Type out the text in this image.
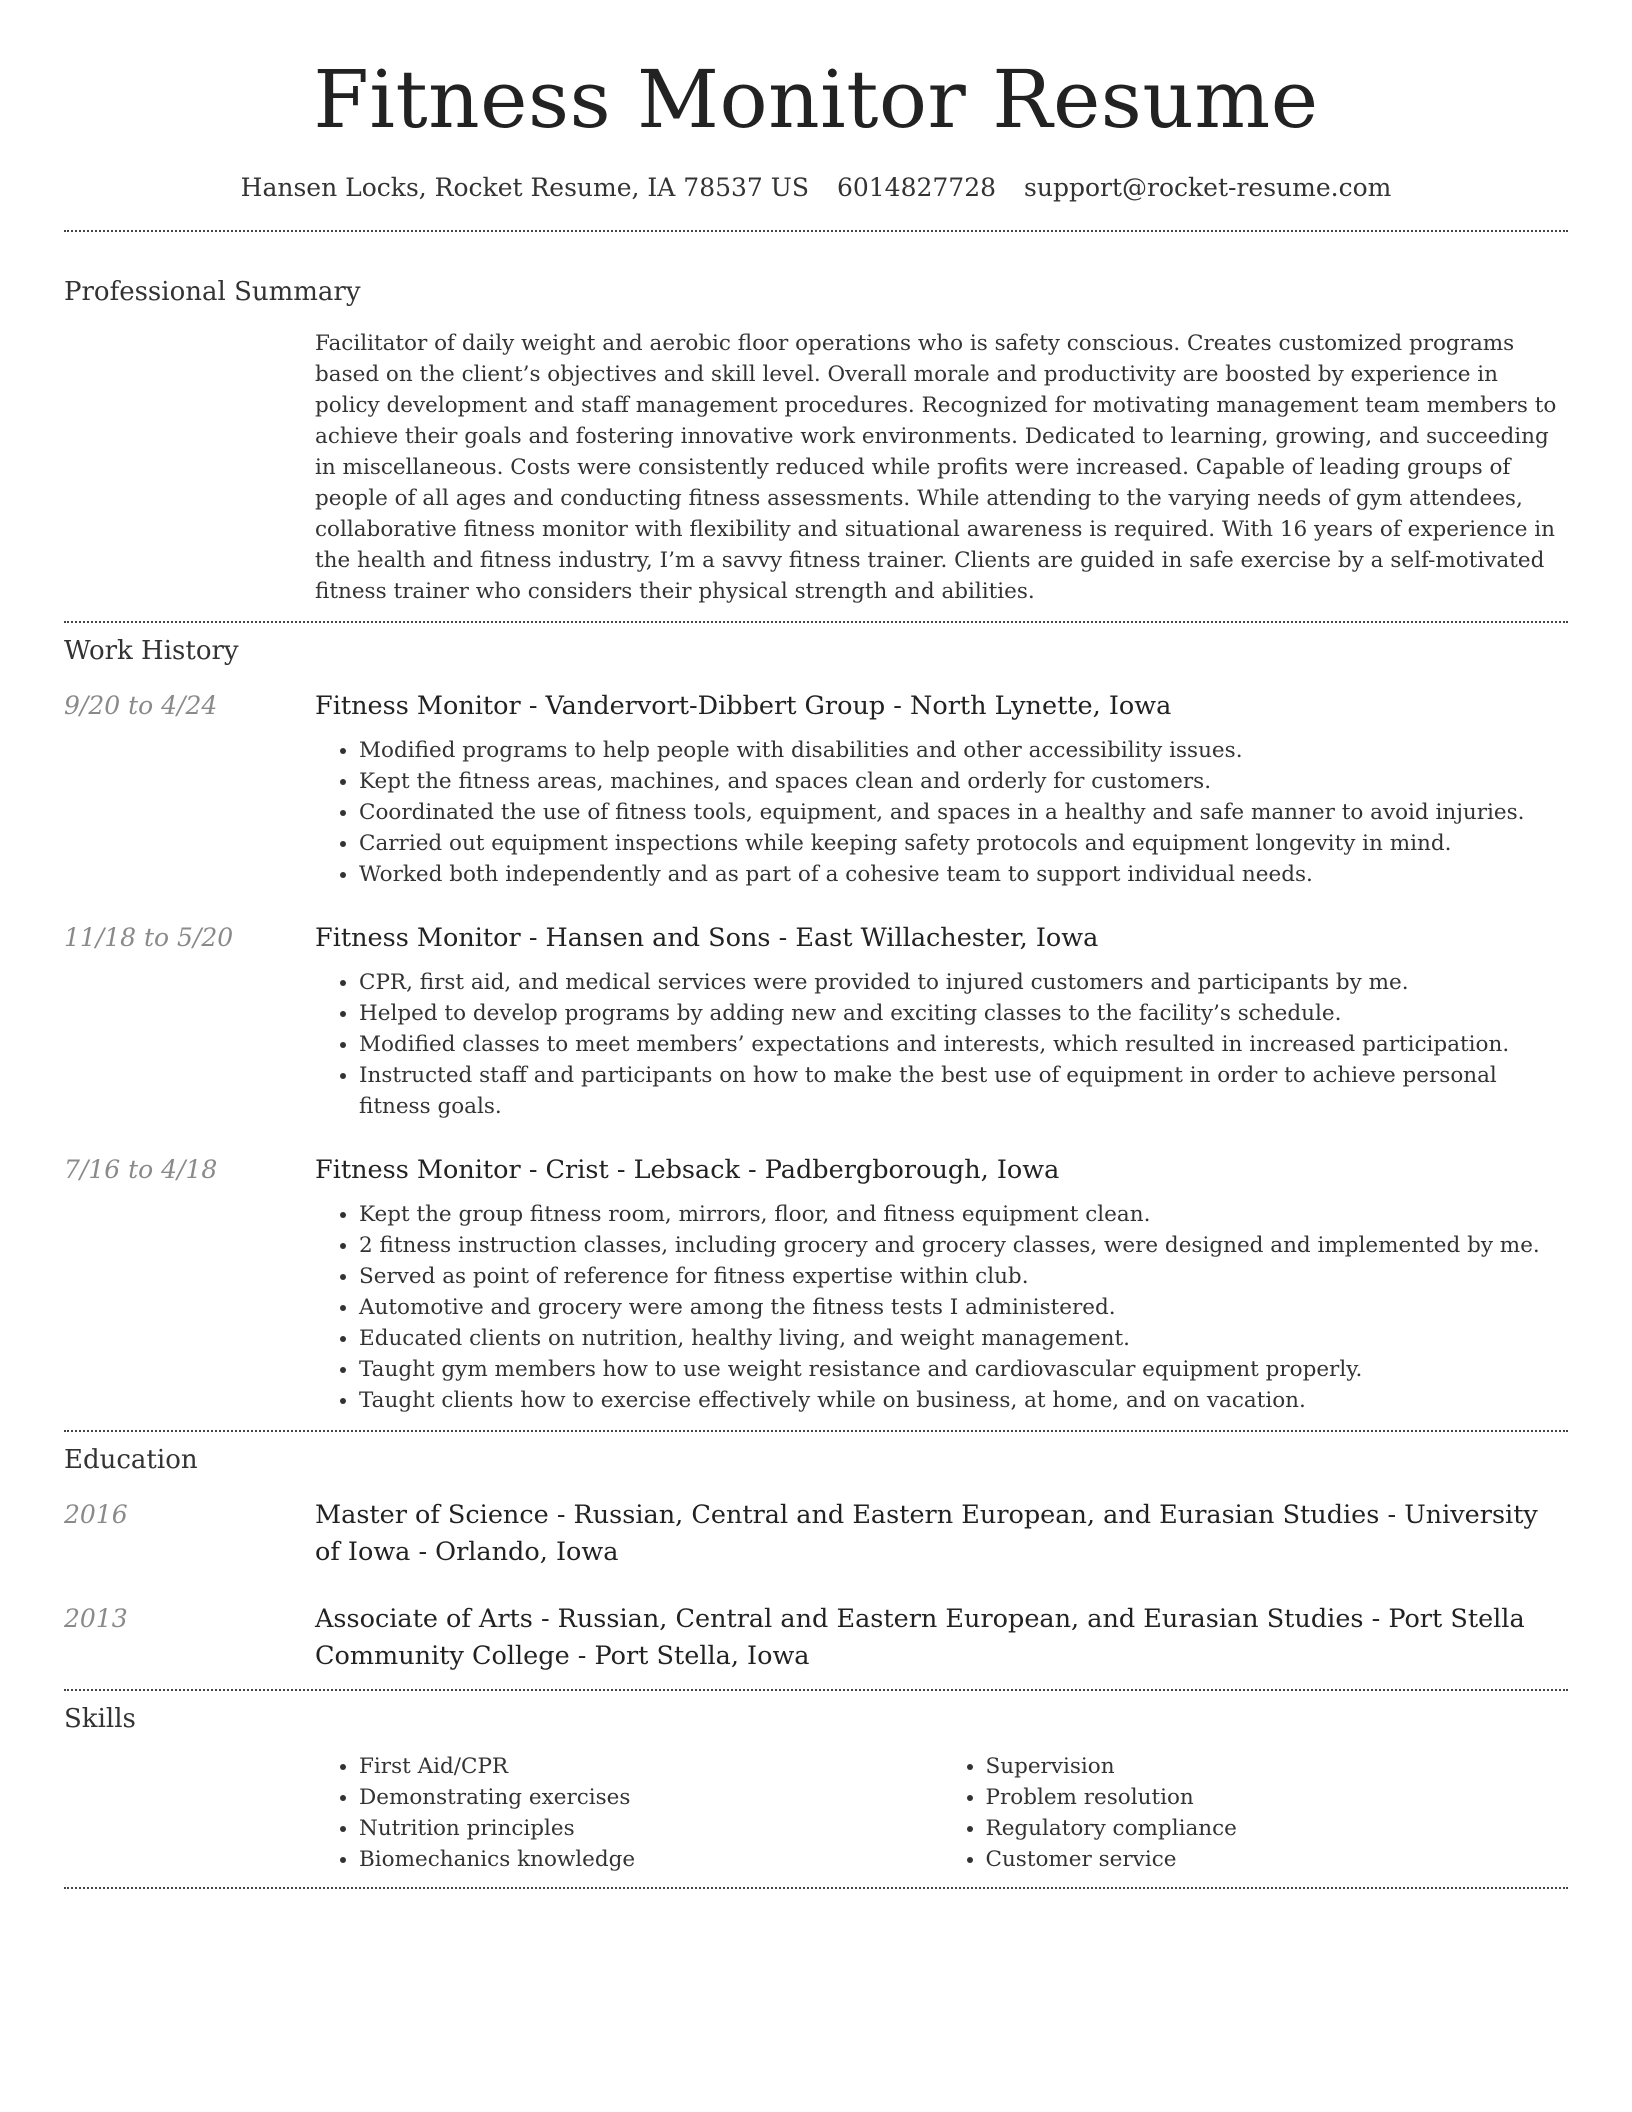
Fitness Monitor Resume
Hansen Locks, Rocket Resume, IA 78537 US 6014827728 support@rocket-resume.com
Professional Summary
Facilitator of daily weight and aerobic floor operations who is safety conscious. Creates customized programs based on the client’s objectives and skill level. Overall morale and productivity are boosted by experience in policy development and staff management procedures. Recognized for motivating management team members to achieve their goals and fostering innovative work environments. Dedicated to learning, growing, and succeeding in miscellaneous. Costs were consistently reduced while profits were increased. Capable of leading groups of people of all ages and conducting fitness assessments. While attending to the varying needs of gym attendees, collaborative fitness monitor with flexibility and situational awareness is required. With 16 years of experience in the health and fitness industry, I’m a savvy fitness trainer. Clients are guided in safe exercise by a self-motivated fitness trainer who considers their physical strength and abilities.
Work History
9/20 to 4/24	Fitness Monitor - Vandervort-Dibbert Group - North Lynette, Iowa
• Modified programs to help people with disabilities and other accessibility issues.
• Kept the fitness areas, machines, and spaces clean and orderly for customers.
• Coordinated the use of fitness tools, equipment, and spaces in a healthy and safe manner to avoid injuries.
• Carried out equipment inspections while keeping safety protocols and equipment longevity in mind.
• Worked both independently and as part of a cohesive team to support individual needs.
11/18 to 5/20	Fitness Monitor - Hansen and Sons - East Willachester, Iowa
• CPR, first aid, and medical services were provided to injured customers and participants by me.
• Helped to develop programs by adding new and exciting classes to the facility’s schedule.
• Modified classes to meet members’ expectations and interests, which resulted in increased participation.
• Instructed staff and participants on how to make the best use of equipment in order to achieve personal fitness goals.
7/16 to 4/18	Fitness Monitor - Crist - Lebsack - Padbergborough, Iowa
• Kept the group fitness room, mirrors, floor, and fitness equipment clean.
• 2 fitness instruction classes, including grocery and grocery classes, were designed and implemented by me.
• Served as point of reference for fitness expertise within club.
• Automotive and grocery were among the fitness tests I administered.
• Educated clients on nutrition, healthy living, and weight management.
• Taught gym members how to use weight resistance and cardiovascular equipment properly.
• Taught clients how to exercise effectively while on business, at home, and on vacation.
Education
2016	Master of Science - Russian, Central and Eastern European, and Eurasian Studies - University of Iowa - Orlando, Iowa
2013	Associate of Arts - Russian, Central and Eastern European, and Eurasian Studies - Port Stella Community College - Port Stella, Iowa
Skills
• First Aid/CPR
• Demonstrating exercises
• Nutrition principles
• Biomechanics knowledge
• Supervision
• Problem resolution
• Regulatory compliance
• Customer service
